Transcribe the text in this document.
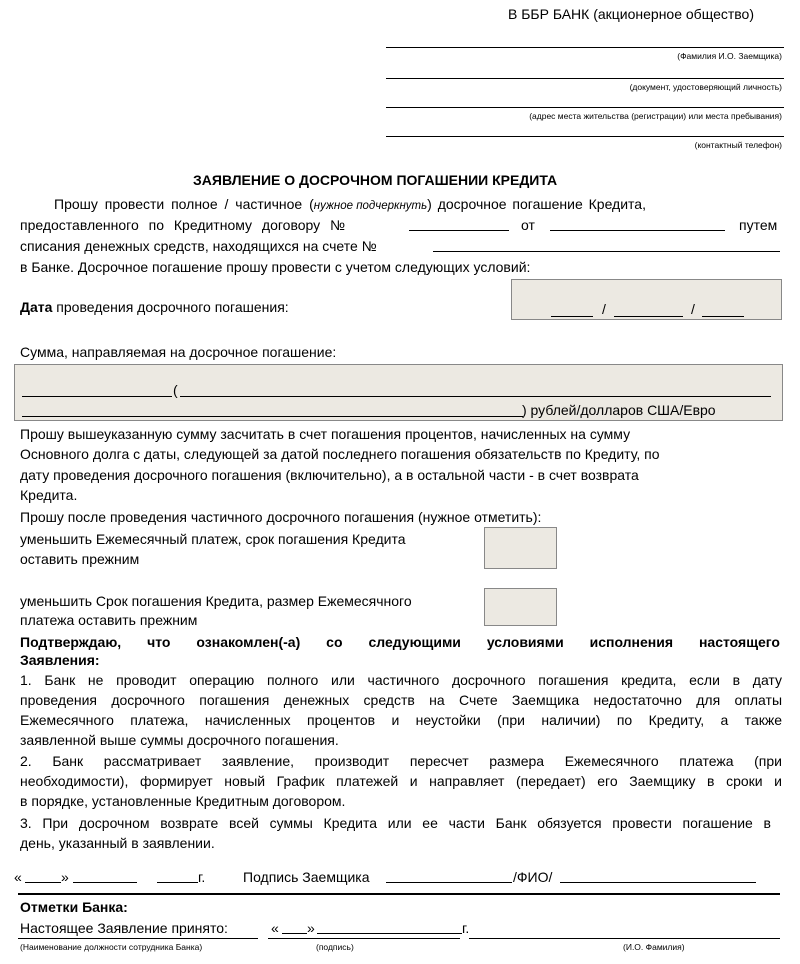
В ББР БАНК (акционерное общество)
(Фамилия И.О. Заемщика)
(документ, удостоверяющий личность)
(адрес места жительства (регистрации) или места пребывания)
(контактный телефон)
ЗАЯВЛЕНИЕ О ДОСРОЧНОМ ПОГАШЕНИИ КРЕДИТА
Прошу провести полное / частичное (нужное подчеркнуть) досрочное погашение Кредита,
предоставленного по Кредитному договору №	от	путем
списания денежных средств, находящихся на счете №
в Банке. Досрочное погашение прошу провести с учетом следующих условий:
Дата проведения досрочного погашения:	/	/
Сумма, направляемая на досрочное погашение:
(
) рублей/долларов США/Евро
Прошу вышеуказанную сумму засчитать в счет погашения процентов, начисленных на сумму
Основного долга с даты, следующей за датой последнего погашения обязательств по Кредиту, по
дату проведения досрочного погашения (включительно), а в остальной части - в счет возврата
Кредита.
Прошу после проведения частичного досрочного погашения (нужное отметить):
уменьшить Ежемесячный платеж, срок погашения Кредита
оставить прежним
уменьшить Срок погашения Кредита, размер Ежемесячного
платежа оставить прежним
Подтверждаю, что ознакомлен(-а) со следующими условиями исполнения настоящего
Заявления:
1. Банк не проводит операцию полного или частичного досрочного погашения кредита, если в дату
проведения досрочного погашения денежных средств на Счете Заемщика недостаточно для оплаты
Ежемесячного платежа, начисленных процентов и неустойки (при наличии) по Кредиту, а также
заявленной выше суммы досрочного погашения.
2. Банк рассматривает заявление, производит пересчет размера Ежемесячного платежа (при
необходимости), формирует новый График платежей и направляет (передает) его Заемщику в сроки и
в порядке, установленные Кредитным договором.
3. При досрочном возврате всей суммы Кредита или ее части Банк обязуется провести погашение в
день, указанный в заявлении.
«	»	г.	Подпись Заемщика	/ФИО/
Отметки Банка:
Настоящее Заявление принято:	« »	г.
(Наименование должности сотрудника Банка)	(подпись)	(И.О. Фамилия)
